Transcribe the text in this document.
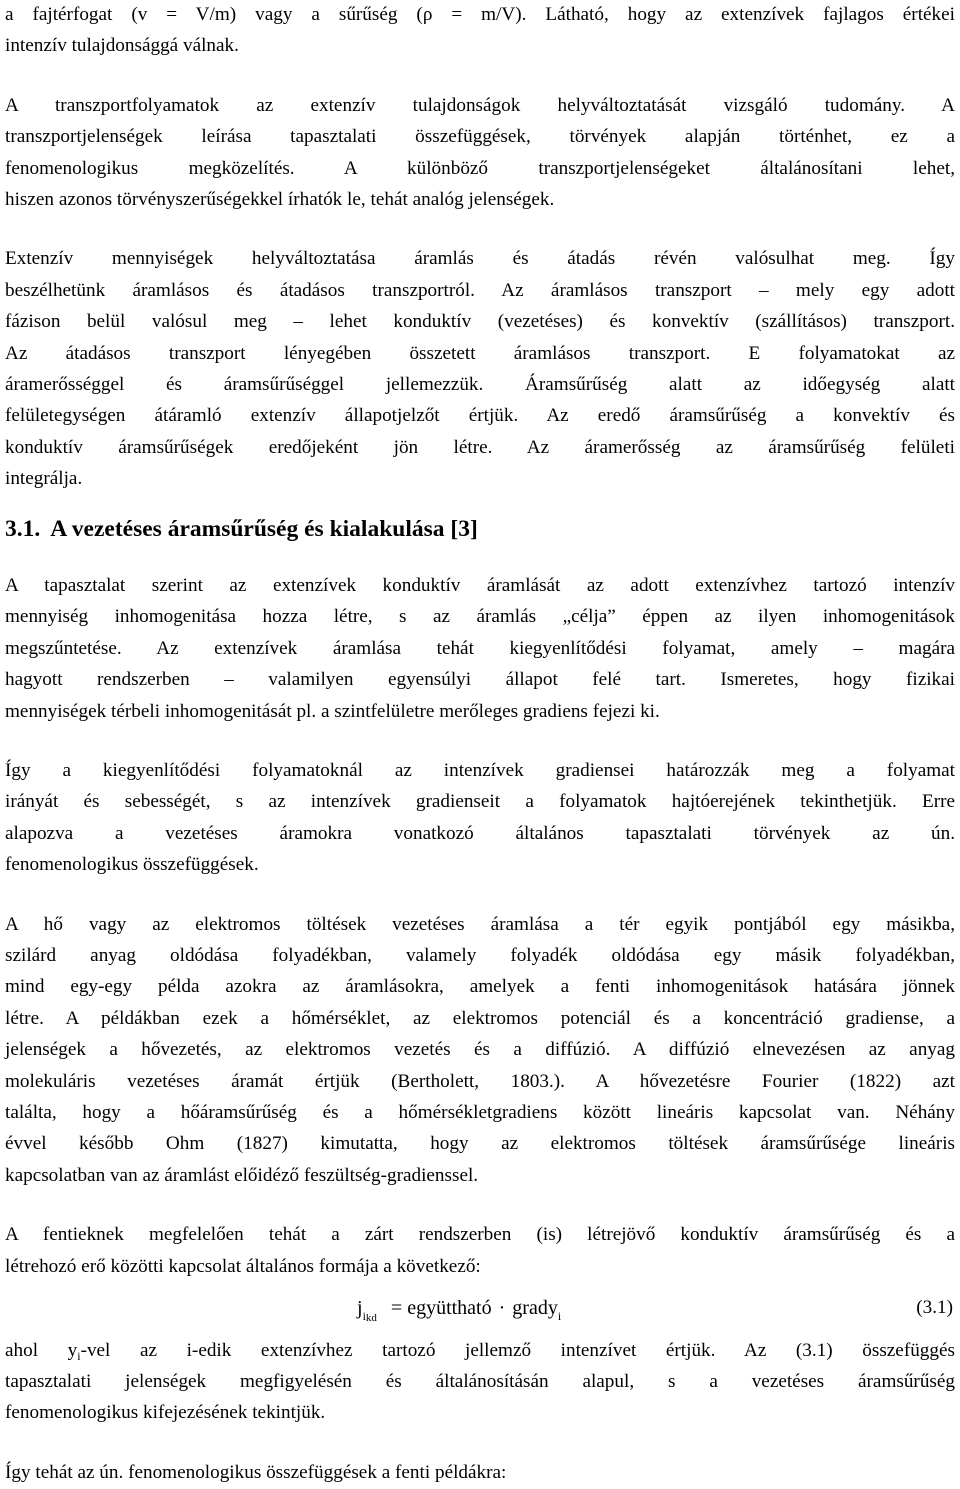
a fajtérfogat (v = V/m) vagy a sűrűség (ρ = m/V). Látható, hogy az extenzívek fajlagos értékei
intenzív tulajdonsággá válnak.
A transzportfolyamatok az extenzív tulajdonságok helyváltoztatását vizsgáló tudomány. A
transzportjelenségek leírása tapasztalati összefüggések, törvények alapján történhet, ez a
fenomenologikus megközelítés. A különböző transzportjelenségeket általánosítani lehet,
hiszen azonos törvényszerűségekkel írhatók le, tehát analóg jelenségek.
Extenzív mennyiségek helyváltoztatása áramlás és átadás révén valósulhat meg. Így
beszélhetünk áramlásos és átadásos transzportról. Az áramlásos transzport – mely egy adott
fázison belül valósul meg – lehet konduktív (vezetéses) és konvektív (szállításos) transzport.
Az átadásos transzport lényegében összetett áramlásos transzport. E folyamatokat az
áramerősséggel és áramsűrűséggel jellemezzük. Áramsűrűség alatt az időegység alatt
felületegységen átáramló extenzív állapotjelzőt értjük. Az eredő áramsűrűség a konvektív és
konduktív áramsűrűségek eredőjeként jön létre. Az áramerősség az áramsűrűség felületi
integrálja.
3.1. A vezetéses áramsűrűség és kialakulása [3]
A tapasztalat szerint az extenzívek konduktív áramlását az adott extenzívhez tartozó intenzív
mennyiség inhomogenitása hozza létre, s az áramlás „célja” éppen az ilyen inhomogenitások
megszűntetése. Az extenzívek áramlása tehát kiegyenlítődési folyamat, amely – magára
hagyott rendszerben – valamilyen egyensúlyi állapot felé tart. Ismeretes, hogy fizikai
mennyiségek térbeli inhomogenitását pl. a szintfelületre merőleges gradiens fejezi ki.
Így a kiegyenlítődési folyamatoknál az intenzívek gradiensei határozzák meg a folyamat
irányát és sebességét, s az intenzívek gradienseit a folyamatok hajtóerejének tekinthetjük. Erre
alapozva a vezetéses áramokra vonatkozó általános tapasztalati törvények az ún.
fenomenologikus összefüggések.
A hő vagy az elektromos töltések vezetéses áramlása a tér egyik pontjából egy másikba,
szilárd anyag oldódása folyadékban, valamely folyadék oldódása egy másik folyadékban,
mind egy-egy példa azokra az áramlásokra, amelyek a fenti inhomogenitások hatására jönnek
létre. A példákban ezek a hőmérséklet, az elektromos potenciál és a koncentráció gradiense, a
jelenségek a hővezetés, az elektromos vezetés és a diffúzió. A diffúzió elnevezésen az anyag
molekuláris vezetéses áramát értjük (Bertholett, 1803.). A hővezetésre Fourier (1822) azt
találta, hogy a hőáramsűrűség és a hőmérsékletgradiens között lineáris kapcsolat van. Néhány
évvel később Ohm (1827) kimutatta, hogy az elektromos töltések áramsűrűsége lineáris
kapcsolatban van az áramlást előidéző feszültség-gradienssel.
A fentieknek megfelelően tehát a zárt rendszerben (is) létrejövő konduktív áramsűrűség és a
létrehozó erő közötti kapcsolat általános formája a következő:
$j_{ikd}$ = együttható · grady$_i$	(3.1)
ahol $y_i$-vel az i-edik extenzívhez tartozó jellemző intenzívet értjük. Az (3.1) összefüggés
tapasztalati jelenségek megfigyelésén és általánosításán alapul, s a vezetéses áramsűrűség
fenomenologikus kifejezésének tekintjük.
Így tehát az ún. fenomenologikus összefüggések a fenti példákra:
